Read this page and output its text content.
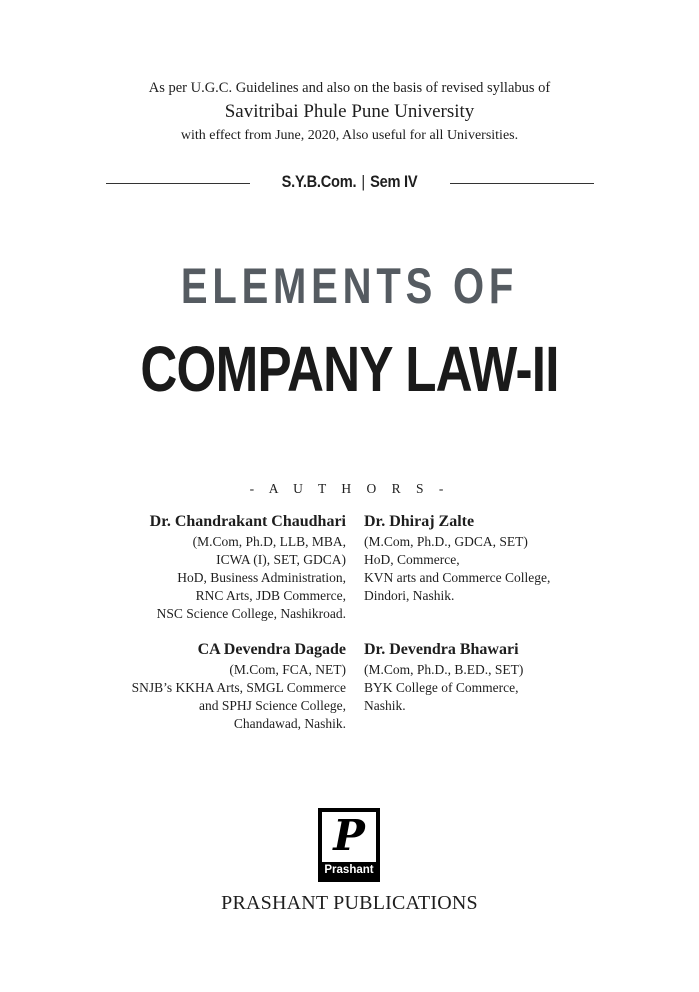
As per U.G.C. Guidelines and also on the basis of revised syllabus of
Savitribai Phule Pune University
with effect from June, 2020, Also useful for all Universities.
S.Y.B.Com. | Sem IV
ELEMENTS OF
COMPANY LAW-II
- A U T H O R S -
Dr. Chandrakant Chaudhari
(M.Com, Ph.D, LLB, MBA,
ICWA (I), SET, GDCA)
HoD, Business Administration,
RNC Arts, JDB Commerce,
NSC Science College, Nashikroad.
Dr. Dhiraj Zalte
(M.Com, Ph.D., GDCA, SET)
HoD, Commerce,
KVN arts and Commerce College,
Dindori, Nashik.
CA Devendra Dagade
(M.Com, FCA, NET)
SNJB’s KKHA Arts, SMGL Commerce
and SPHJ Science College,
Chandawad, Nashik.
Dr. Devendra Bhawari
(M.Com, Ph.D., B.ED., SET)
BYK College of Commerce,
Nashik.
P
Prashant
PRASHANT PUBLICATIONS
